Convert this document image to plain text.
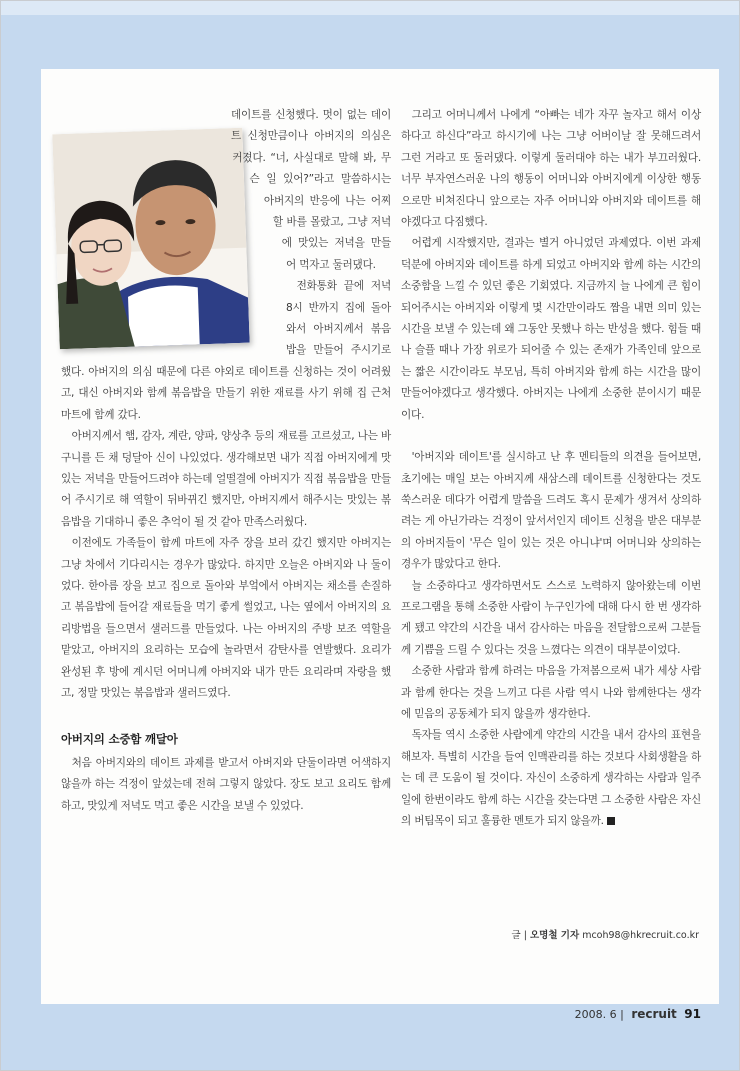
데이트를 신청했다. 멋이 없는 데이트 신청만큼이나 아버지의 의심은 커졌다. “너, 사실대로 말해 봐, 무슨 일 있어?”라고 말씀하시는 아버지의 반응에 나는 어찌할 바를 몰랐고, 그냥 저녁에 맛있는 저녁을 만들어 먹자고 둘러댔다.

전화통화 끝에 저녁 8시 반까지 집에 돌아와서 아버지께서 볶음밥을 만들어 주시기로 했다. 아버지의 의심 때문에 다른 야외로 데이트를 신청하는 것이 어려웠고, 대신 아버지와 함께 볶음밥을 만들기 위한 재료를 사기 위해 집 근처 마트에 함께 갔다.

아버지께서 햄, 감자, 계란, 양파, 양상추 등의 재료를 고르셨고, 나는 바구니를 든 채 덩달아 신이 나있었다. 생각해보면 내가 직접 아버지에게 맛있는 저녁을 만들어드려야 하는데 얼떨결에 아버지가 직접 볶음밥을 만들어 주시기로 해 역할이 뒤바뀌긴 했지만, 아버지께서 해주시는 맛있는 볶음밥을 기대하니 좋은 추억이 될 것 같아 만족스러웠다.

이전에도 가족들이 함께 마트에 자주 장을 보러 갔긴 했지만 아버지는 그냥 차에서 기다리시는 경우가 많았다. 하지만 오늘은 아버지와 나 둘이었다. 한아름 장을 보고 집으로 돌아와 부엌에서 아버지는 채소를 손질하고 볶음밥에 들어갈 재료들을 먹기 좋게 썰었고, 나는 옆에서 아버지의 요리방법을 들으면서 샐러드를 만들었다. 나는 아버지의 주방 보조 역할을 맡았고, 아버지의 요리하는 모습에 놀라면서 감탄사를 연발했다. 요리가 완성된 후 방에 계시던 어머니께 아버지와 내가 만든 요리라며 자랑을 했고, 정말 맛있는 볶음밥과 샐러드였다.

아버지의 소중함 깨달아

처음 아버지와의 데이트 과제를 받고서 아버지와 단둘이라면 어색하지 않을까 하는 걱정이 앞섰는데 전혀 그렇지 않았다. 장도 보고 요리도 함께 하고, 맛있게 저녁도 먹고 좋은 시간을 보낼 수 있었다.

그리고 어머니께서 나에게 “아빠는 네가 자꾸 놀자고 해서 이상하다고 하신다”라고 하시기에 나는 그냥 어버이날 잘 못해드려서 그런 거라고 또 둘러댔다. 이렇게 둘러대야 하는 내가 부끄러웠다. 너무 부자연스러운 나의 행동이 어머니와 아버지에게 이상한 행동으로만 비쳐진다니 앞으로는 자주 어머니와 아버지와 데이트를 해야겠다고 다짐했다.

어렵게 시작했지만, 결과는 별거 아니었던 과제였다. 이번 과제 덕분에 아버지와 데이트를 하게 되었고 아버지와 함께 하는 시간의 소중함을 느낄 수 있던 좋은 기회였다. 지금까지 늘 나에게 큰 힘이 되어주시는 아버지와 이렇게 몇 시간만이라도 짬을 내면 의미 있는 시간을 보낼 수 있는데 왜 그동안 못했나 하는 반성을 했다. 힘들 때나 슬플 때나 가장 위로가 되어줄 수 있는 존재가 가족인데 앞으로는 짧은 시간이라도 부모님, 특히 아버지와 함께 하는 시간을 많이 만들어야겠다고 생각했다. 아버지는 나에게 소중한 분이시기 때문이다.

'아버지와 데이트'를 실시하고 난 후 멘티들의 의견을 들어보면, 초기에는 매일 보는 아버지께 새삼스레 데이트를 신청한다는 것도 쑥스러운 데다가 어렵게 말씀을 드려도 혹시 문제가 생겨서 상의하려는 게 아닌가라는 걱정이 앞서서인지 데이트 신청을 받은 대부분의 아버지들이 '무슨 일이 있는 것은 아니냐'며 어머니와 상의하는 경우가 많았다고 한다.

늘 소중하다고 생각하면서도 스스로 노력하지 않아왔는데 이번 프로그램을 통해 소중한 사람이 누구인가에 대해 다시 한 번 생각하게 됐고 약간의 시간을 내서 감사하는 마음을 전달함으로써 그분들께 기쁨을 드릴 수 있다는 것을 느꼈다는 의견이 대부분이었다.

소중한 사람과 함께 하려는 마음을 가져봄으로써 내가 세상 사람과 함께 한다는 것을 느끼고 다른 사람 역시 나와 함께한다는 생각에 믿음의 공동체가 되지 않을까 생각한다.

독자들 역시 소중한 사람에게 약간의 시간을 내서 감사의 표현을 해보자. 특별히 시간을 들여 인맥관리를 하는 것보다 사회생활을 하는 데 큰 도움이 될 것이다. 자신이 소중하게 생각하는 사람과 일주일에 한번이라도 함께 하는 시간을 갖는다면 그 소중한 사람은 자신의 버팀목이 되고 훌륭한 멘토가 되지 않을까.

글 | 오명철 기자 mcoh98@hkrecruit.co.kr
2008. 6 | recruit 91
